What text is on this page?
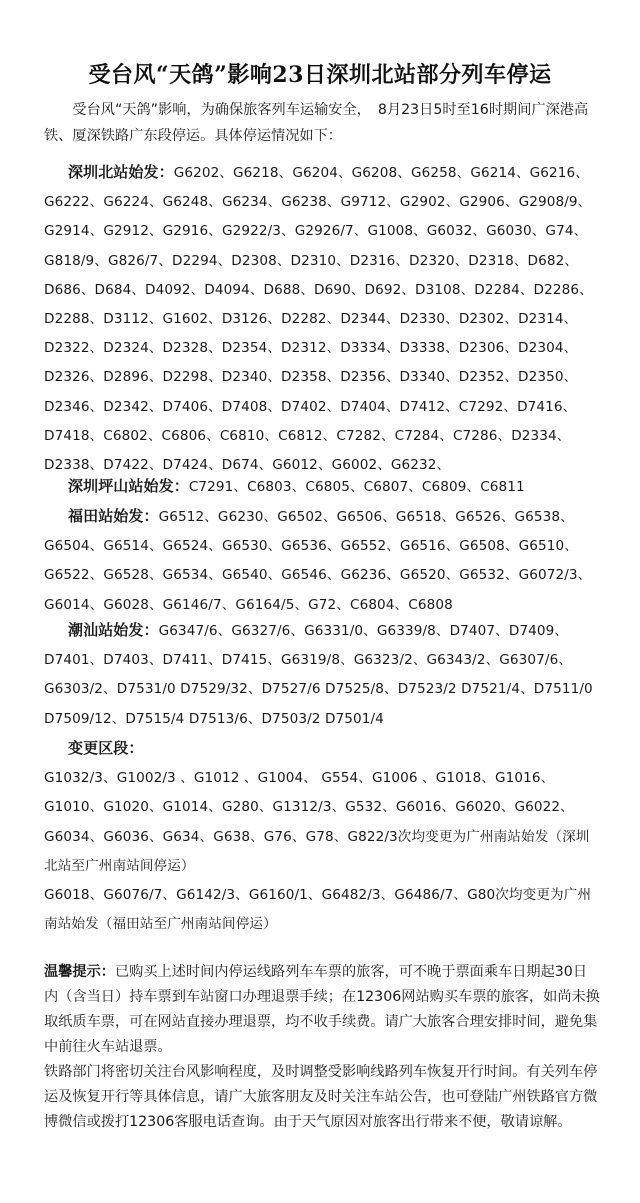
受台风“天鸽”影响23日深圳北站部分列车停运
　　受台风“天鸽”影响，为确保旅客列车运输安全，　8月23日5时至16时期间广深港高铁、厦深铁路广东段停运。具体停运情况如下：
深圳北站始发：G6202、G6218、G6204、G6208、G6258、G6214、G6216、G6222、G6224、G6248、G6234、G6238、G9712、G2902、G2906、G2908/9、G2914、G2912、G2916、G2922/3、G2926/7、G1008、G6032、G6030、G74、G818/9、G826/7、D2294、D2308、D2310、D2316、D2320、D2318、D682、D686、D684、D4092、D4094、D688、D690、D692、D3108、D2284、D2286、D2288、D3112、G1602、D3126、D2282、D2344、D2330、D2302、D2314、D2322、D2324、D2328、D2354、D2312、D3334、D3338、D2306、D2304、D2326、D2896、D2298、D2340、D2358、D2356、D3340、D2352、D2350、D2346、D2342、D7406、D7408、D7402、D7404、D7412、C7292、D7416、D7418、C6802、C6806、C6810、C6812、C7282、C7284、C7286、D2334、D2338、D7422、D7424、D674、G6012、G6002、G6232、
深圳坪山站始发：C7291、C6803、C6805、C6807、C6809、C6811
福田站始发：G6512、G6230、G6502、G6506、G6518、G6526、G6538、G6504、G6514、G6524、G6530、G6536、G6552、G6516、G6508、G6510、G6522、G6528、G6534、G6540、G6546、G6236、G6520、G6532、G6072/3、G6014、G6028、G6146/7、G6164/5、G72、C6804、C6808
潮汕站始发：G6347/6、G6327/6、G6331/0、G6339/8、D7407、D7409、D7401、D7403、D7411、D7415、G6319/8、G6323/2、G6343/2、G6307/6、G6303/2、D7531/0 D7529/32、D7527/6 D7525/8、D7523/2 D7521/4、D7511/0 D7509/12、D7515/4 D7513/6、D7503/2 D7501/4
变更区段：
G1032/3、G1002/3 、G1012 、G1004、 G554、G1006 、G1018、G1016、G1010、G1020、G1014、G280、G1312/3、G532、G6016、G6020、G6022、G6034、G6036、G634、G638、G76、G78、G822/3次均变更为广州南站始发（深圳北站至广州南站间停运）
G6018、G6076/7、G6142/3、G6160/1、G6482/3、G6486/7、G80次均变更为广州南站始发（福田站至广州南站间停运）
温馨提示：已购买上述时间内停运线路列车车票的旅客，可不晚于票面乘车日期起30日内（含当日）持车票到车站窗口办理退票手续；在12306网站购买车票的旅客，如尚未换取纸质车票，可在网站直接办理退票，均不收手续费。请广大旅客合理安排时间，避免集中前往火车站退票。
铁路部门将密切关注台风影响程度，及时调整受影响线路列车恢复开行时间。有关列车停运及恢复开行等具体信息，请广大旅客朋友及时关注车站公告，也可登陆广州铁路官方微博微信或拨打12306客服电话查询。由于天气原因对旅客出行带来不便，敬请谅解。
